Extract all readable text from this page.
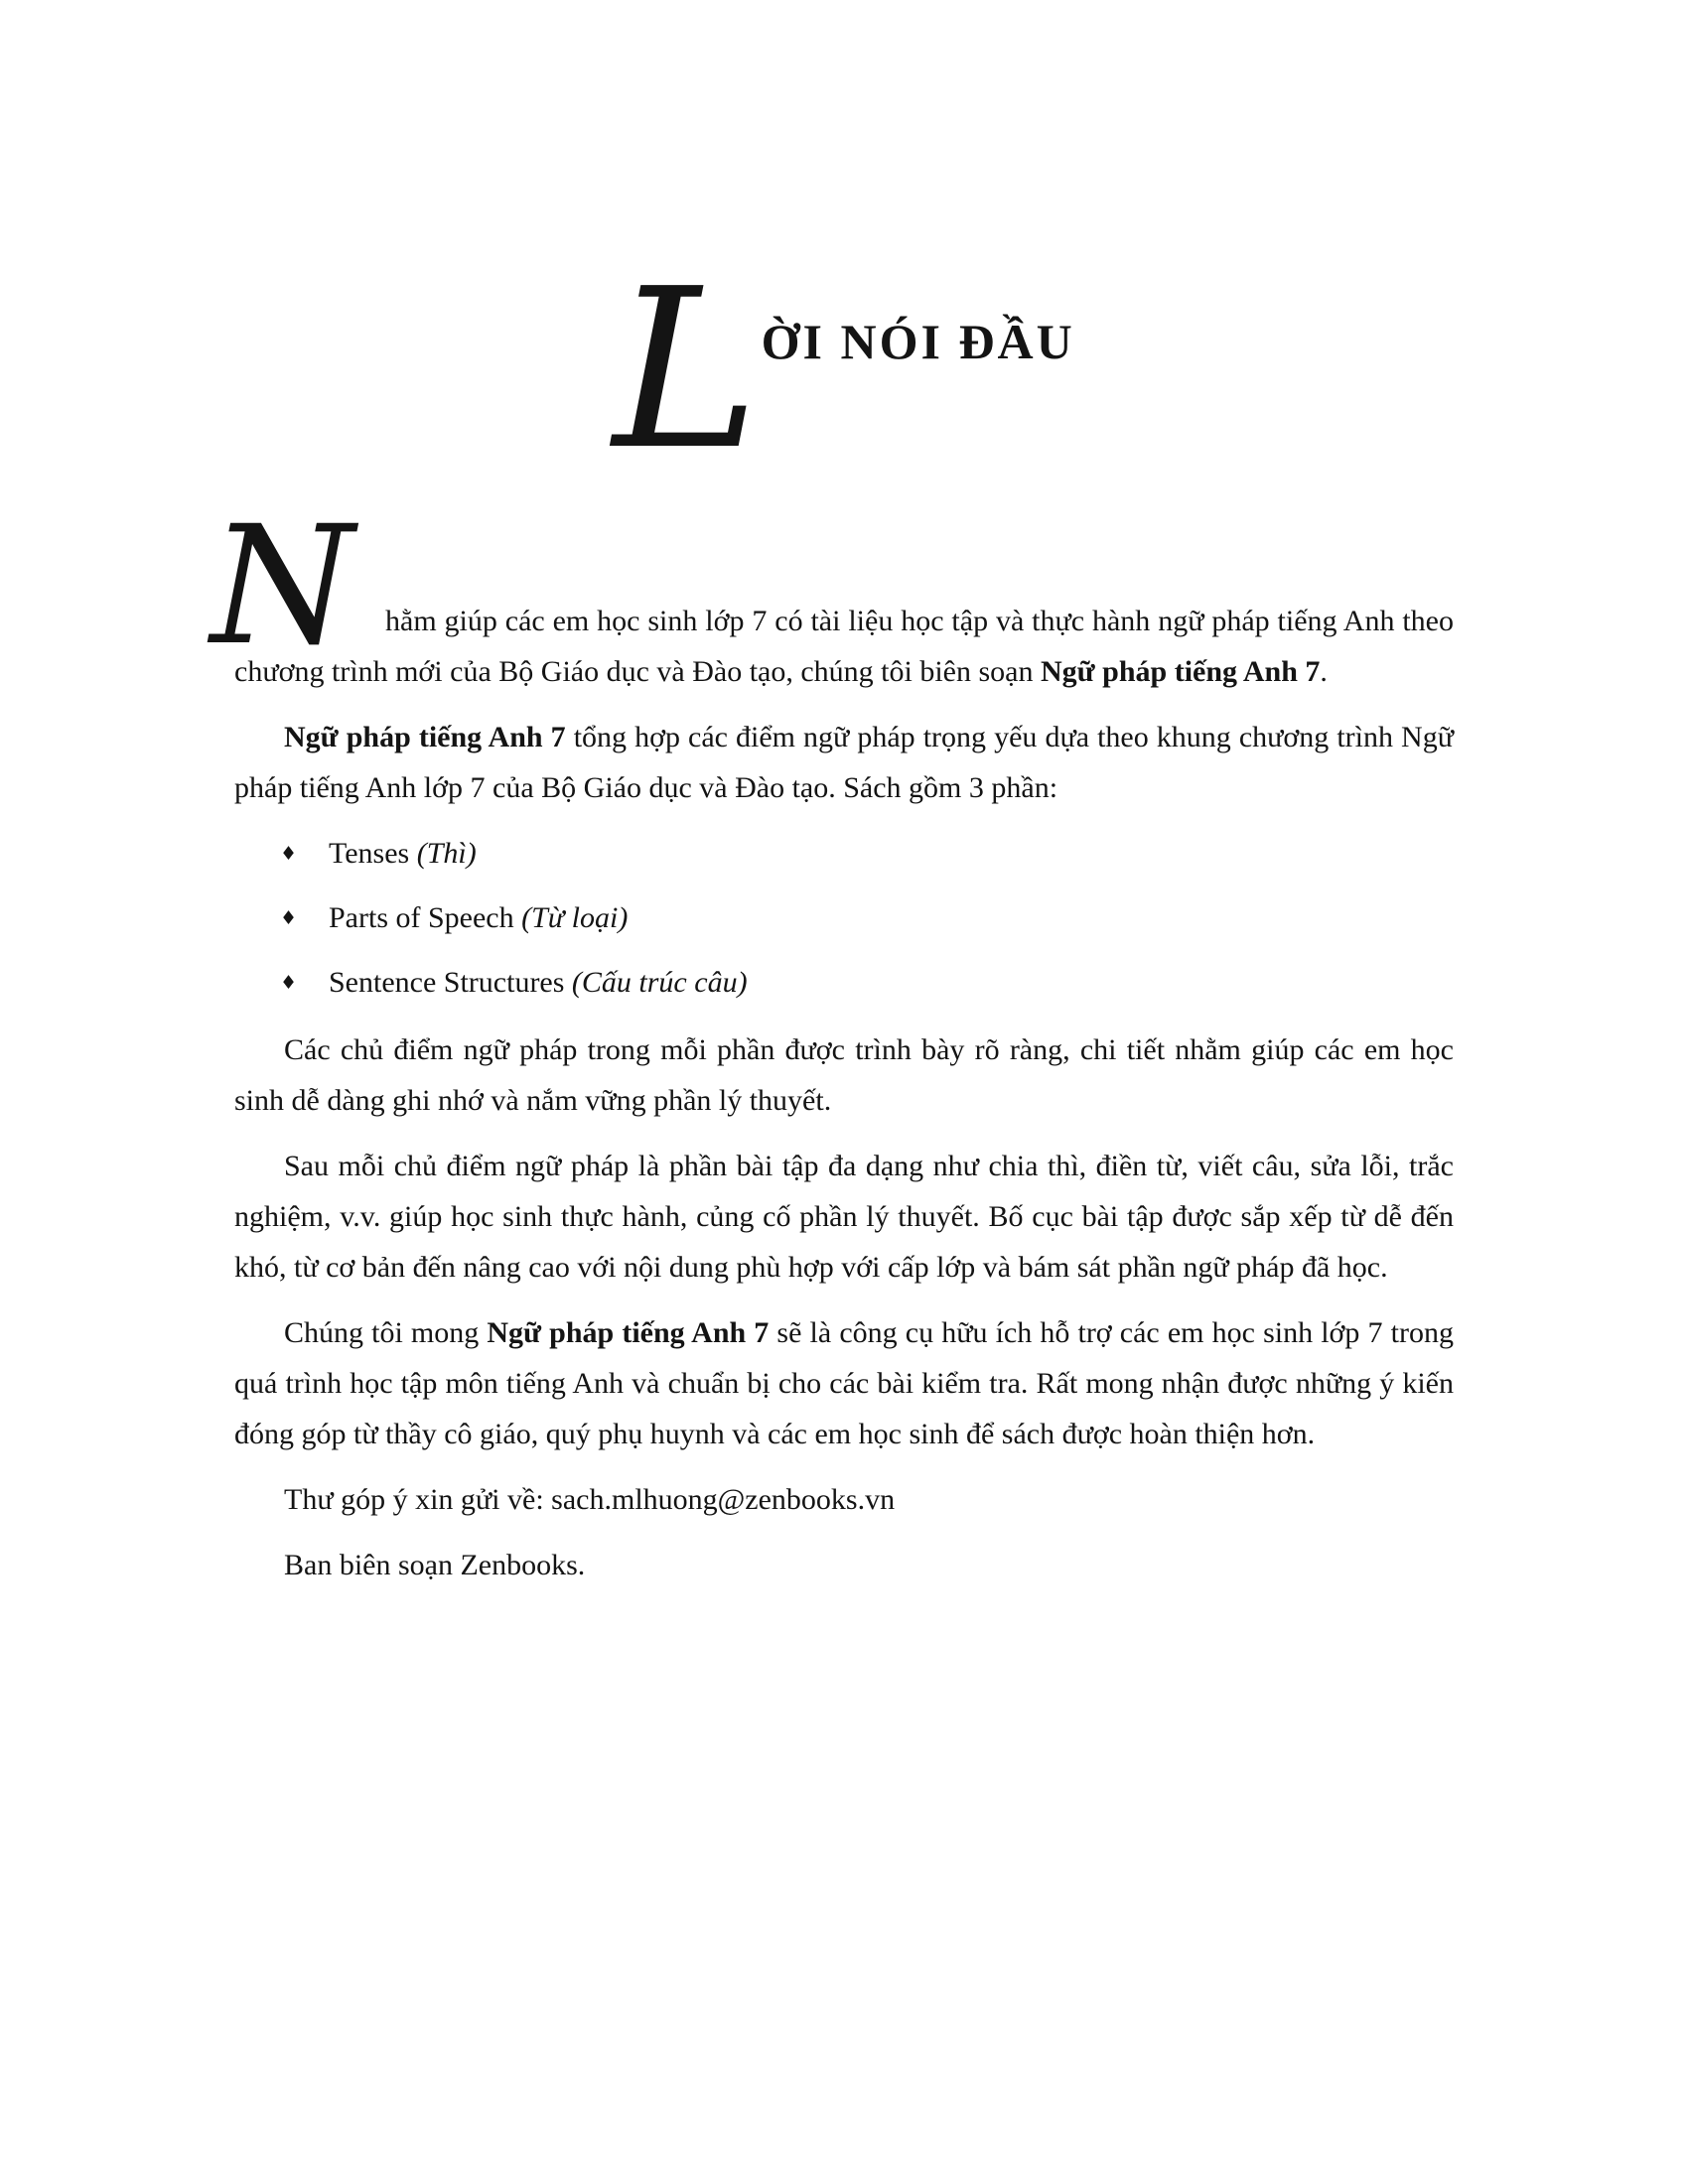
LỜI NÓI ĐẦU

N hằm giúp các em học sinh lớp 7 có tài liệu học tập và thực hành ngữ pháp tiếng Anh theo chương trình mới của Bộ Giáo dục và Đào tạo, chúng tôi biên soạn Ngữ pháp tiếng Anh 7.

Ngữ pháp tiếng Anh 7 tổng hợp các điểm ngữ pháp trọng yếu dựa theo khung chương trình Ngữ pháp tiếng Anh lớp 7 của Bộ Giáo dục và Đào tạo. Sách gồm 3 phần:

♦ Tenses (Thì)
♦ Parts of Speech (Từ loại)
♦ Sentence Structures (Cấu trúc câu)

Các chủ điểm ngữ pháp trong mỗi phần được trình bày rõ ràng, chi tiết nhằm giúp các em học sinh dễ dàng ghi nhớ và nắm vững phần lý thuyết.

Sau mỗi chủ điểm ngữ pháp là phần bài tập đa dạng như chia thì, điền từ, viết câu, sửa lỗi, trắc nghiệm, v.v. giúp học sinh thực hành, củng cố phần lý thuyết. Bố cục bài tập được sắp xếp từ dễ đến khó, từ cơ bản đến nâng cao với nội dung phù hợp với cấp lớp và bám sát phần ngữ pháp đã học.

Chúng tôi mong Ngữ pháp tiếng Anh 7 sẽ là công cụ hữu ích hỗ trợ các em học sinh lớp 7 trong quá trình học tập môn tiếng Anh và chuẩn bị cho các bài kiểm tra. Rất mong nhận được những ý kiến đóng góp từ thầy cô giáo, quý phụ huynh và các em học sinh để sách được hoàn thiện hơn.

Thư góp ý xin gửi về: sach.mlhuong@zenbooks.vn

Ban biên soạn Zenbooks.
